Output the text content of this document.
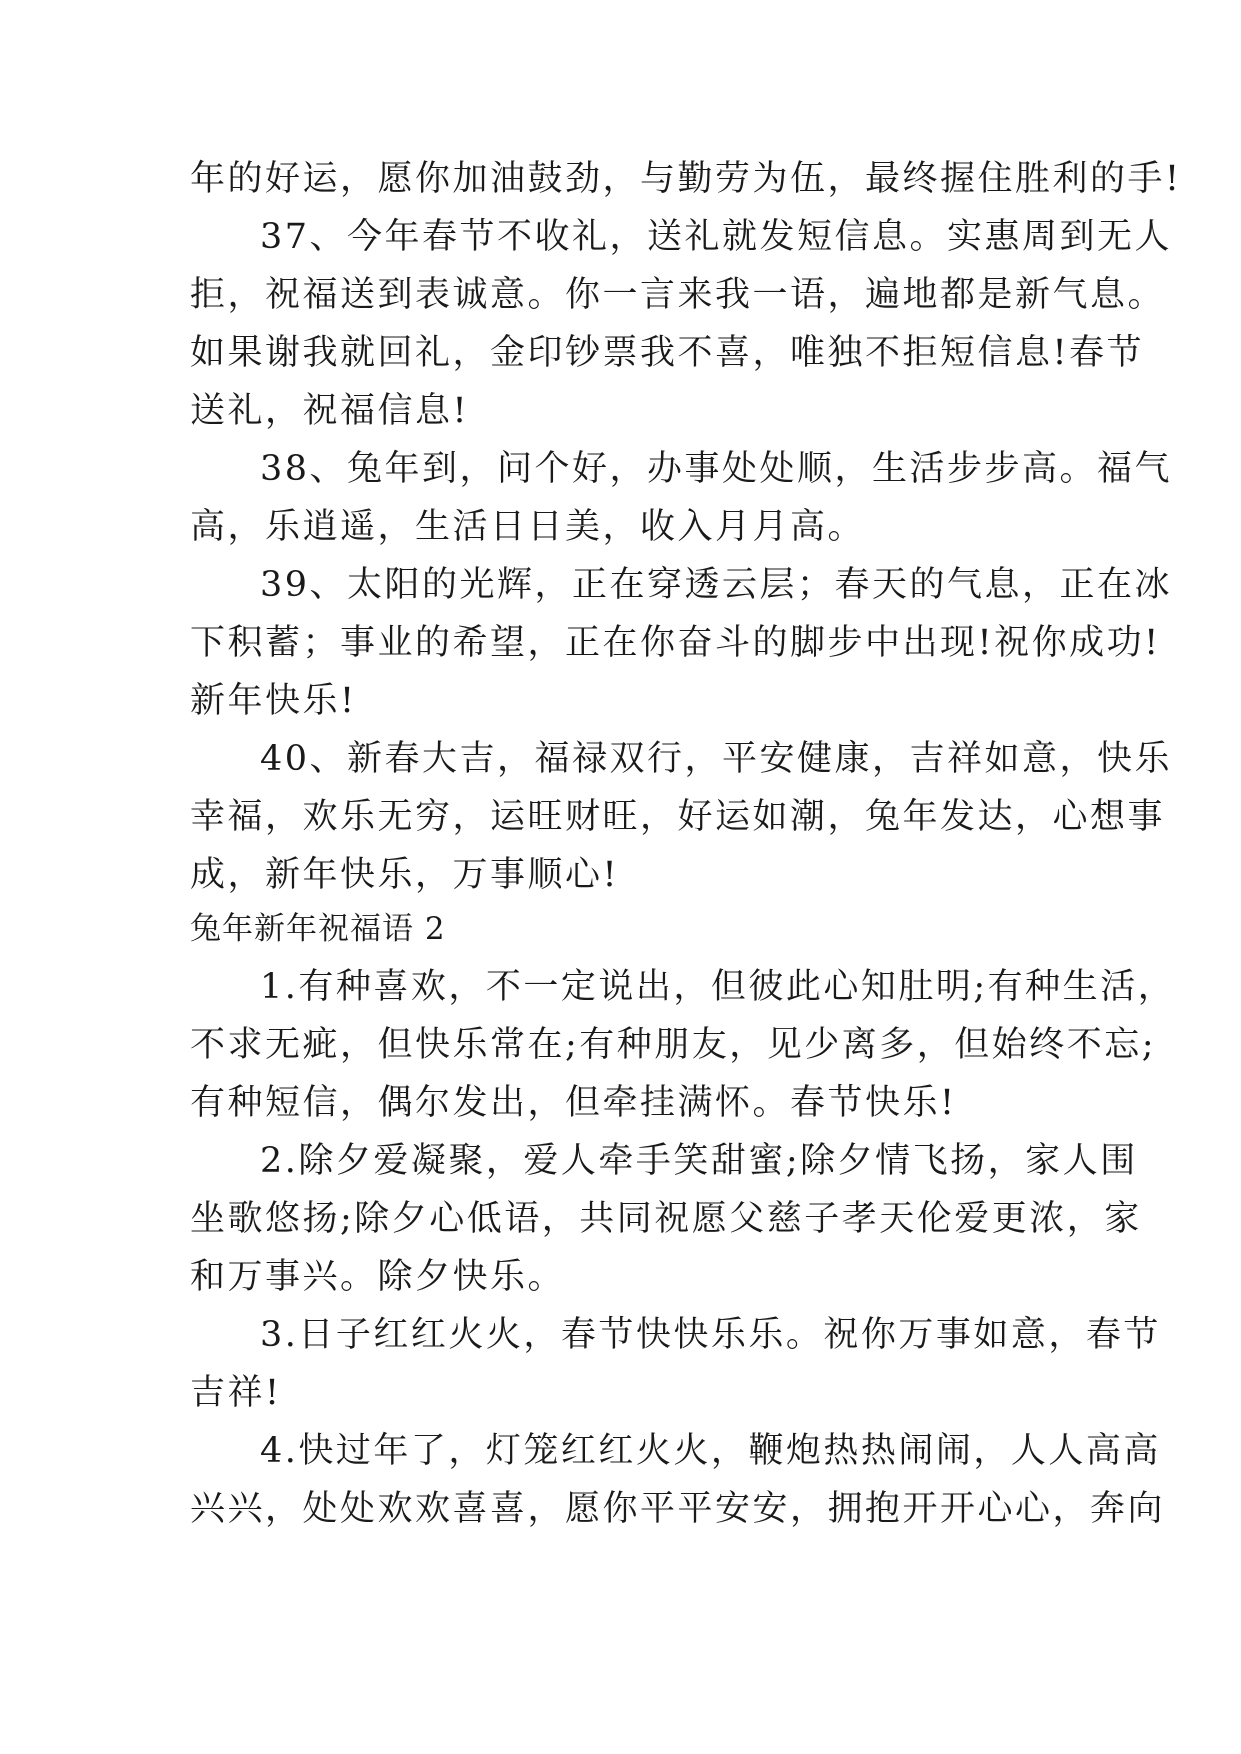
年的好运，愿你加油鼓劲，与勤劳为伍，最终握住胜利的手!
37、今年春节不收礼，送礼就发短信息。实惠周到无人
拒，祝福送到表诚意。你一言来我一语，遍地都是新气息。
如果谢我就回礼，金印钞票我不喜，唯独不拒短信息!春节
送礼，祝福信息!
38、兔年到，问个好，办事处处顺，生活步步高。福气
高，乐逍遥，生活日日美，收入月月高。
39、太阳的光辉，正在穿透云层；春天的气息，正在冰
下积蓄；事业的希望，正在你奋斗的脚步中出现!祝你成功!
新年快乐!
40、新春大吉，福禄双行，平安健康，吉祥如意，快乐
幸福，欢乐无穷，运旺财旺，好运如潮，兔年发达，心想事
成，新年快乐，万事顺心!
兔年新年祝福语 2
1.有种喜欢，不一定说出，但彼此心知肚明;有种生活，
不求无疵，但快乐常在;有种朋友，见少离多，但始终不忘;
有种短信，偶尔发出，但牵挂满怀。春节快乐!
2.除夕爱凝聚，爱人牵手笑甜蜜;除夕情飞扬，家人围
坐歌悠扬;除夕心低语，共同祝愿父慈子孝天伦爱更浓，家
和万事兴。除夕快乐。
3.日子红红火火，春节快快乐乐。祝你万事如意，春节
吉祥!
4.快过年了，灯笼红红火火，鞭炮热热闹闹，人人高高
兴兴，处处欢欢喜喜，愿你平平安安，拥抱开开心心，奔向
